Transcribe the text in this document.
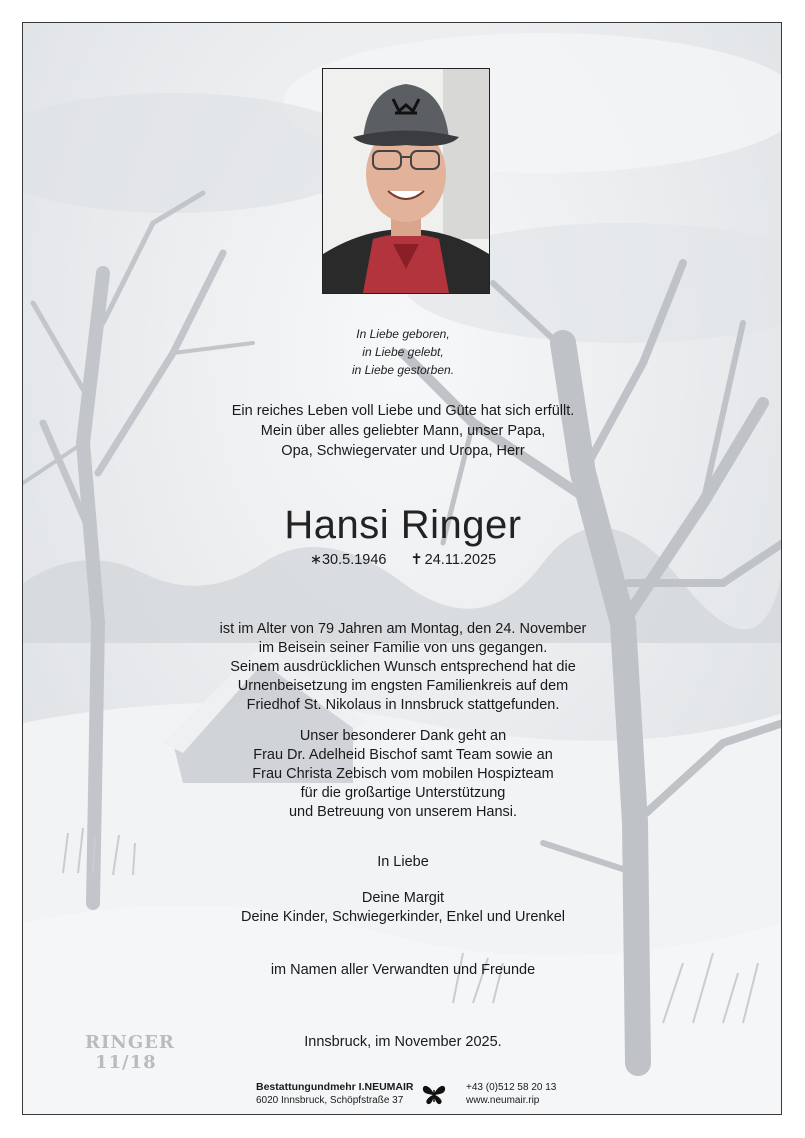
In Liebe geboren,
in Liebe gelebt,
in Liebe gestorben.
Ein reiches Leben voll Liebe und Güte hat sich erfüllt.
Mein über alles geliebter Mann, unser Papa,
Opa, Schwiegervater und Uropa, Herr
Hansi Ringer
∗30.5.1946 ✝ 24.11.2025
ist im Alter von 79 Jahren am Montag, den 24. November
im Beisein seiner Familie von uns gegangen.
Seinem ausdrücklichen Wunsch entsprechend hat die
Urnenbeisetzung im engsten Familienkreis auf dem
Friedhof St. Nikolaus in Innsbruck stattgefunden.
Unser besonderer Dank geht an
Frau Dr. Adelheid Bischof samt Team sowie an
Frau Christa Zebisch vom mobilen Hospizteam
für die großartige Unterstützung
und Betreuung von unserem Hansi.
In Liebe
Deine Margit
Deine Kinder, Schwiegerkinder, Enkel und Urenkel
im Namen aller Verwandten und Freunde
Innsbruck, im November 2025.
RINGER
11/18
Bestattungundmehr I.NEUMAIR
6020 Innsbruck, Schöpfstraße 37
+43 (0)512 58 20 13
www.neumair.rip
